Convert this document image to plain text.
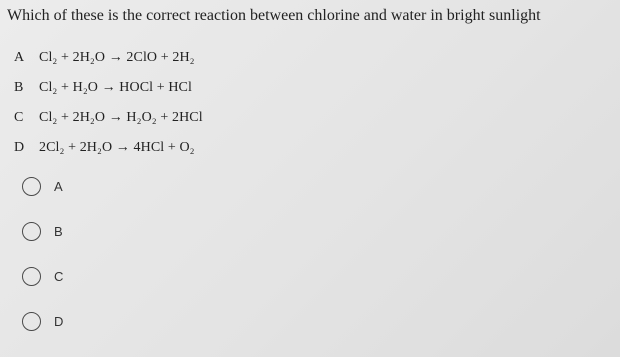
Which of these is the correct reaction between chlorine and water in bright sunlight
A	Cl₂ + 2H₂O → 2ClO + 2H₂
B	Cl₂ + H₂O → HOCl + HCl
C	Cl₂ + 2H₂O → H₂O₂ + 2HCl
D	2Cl₂ + 2H₂O → 4HCl + O₂
A
B
C
D
